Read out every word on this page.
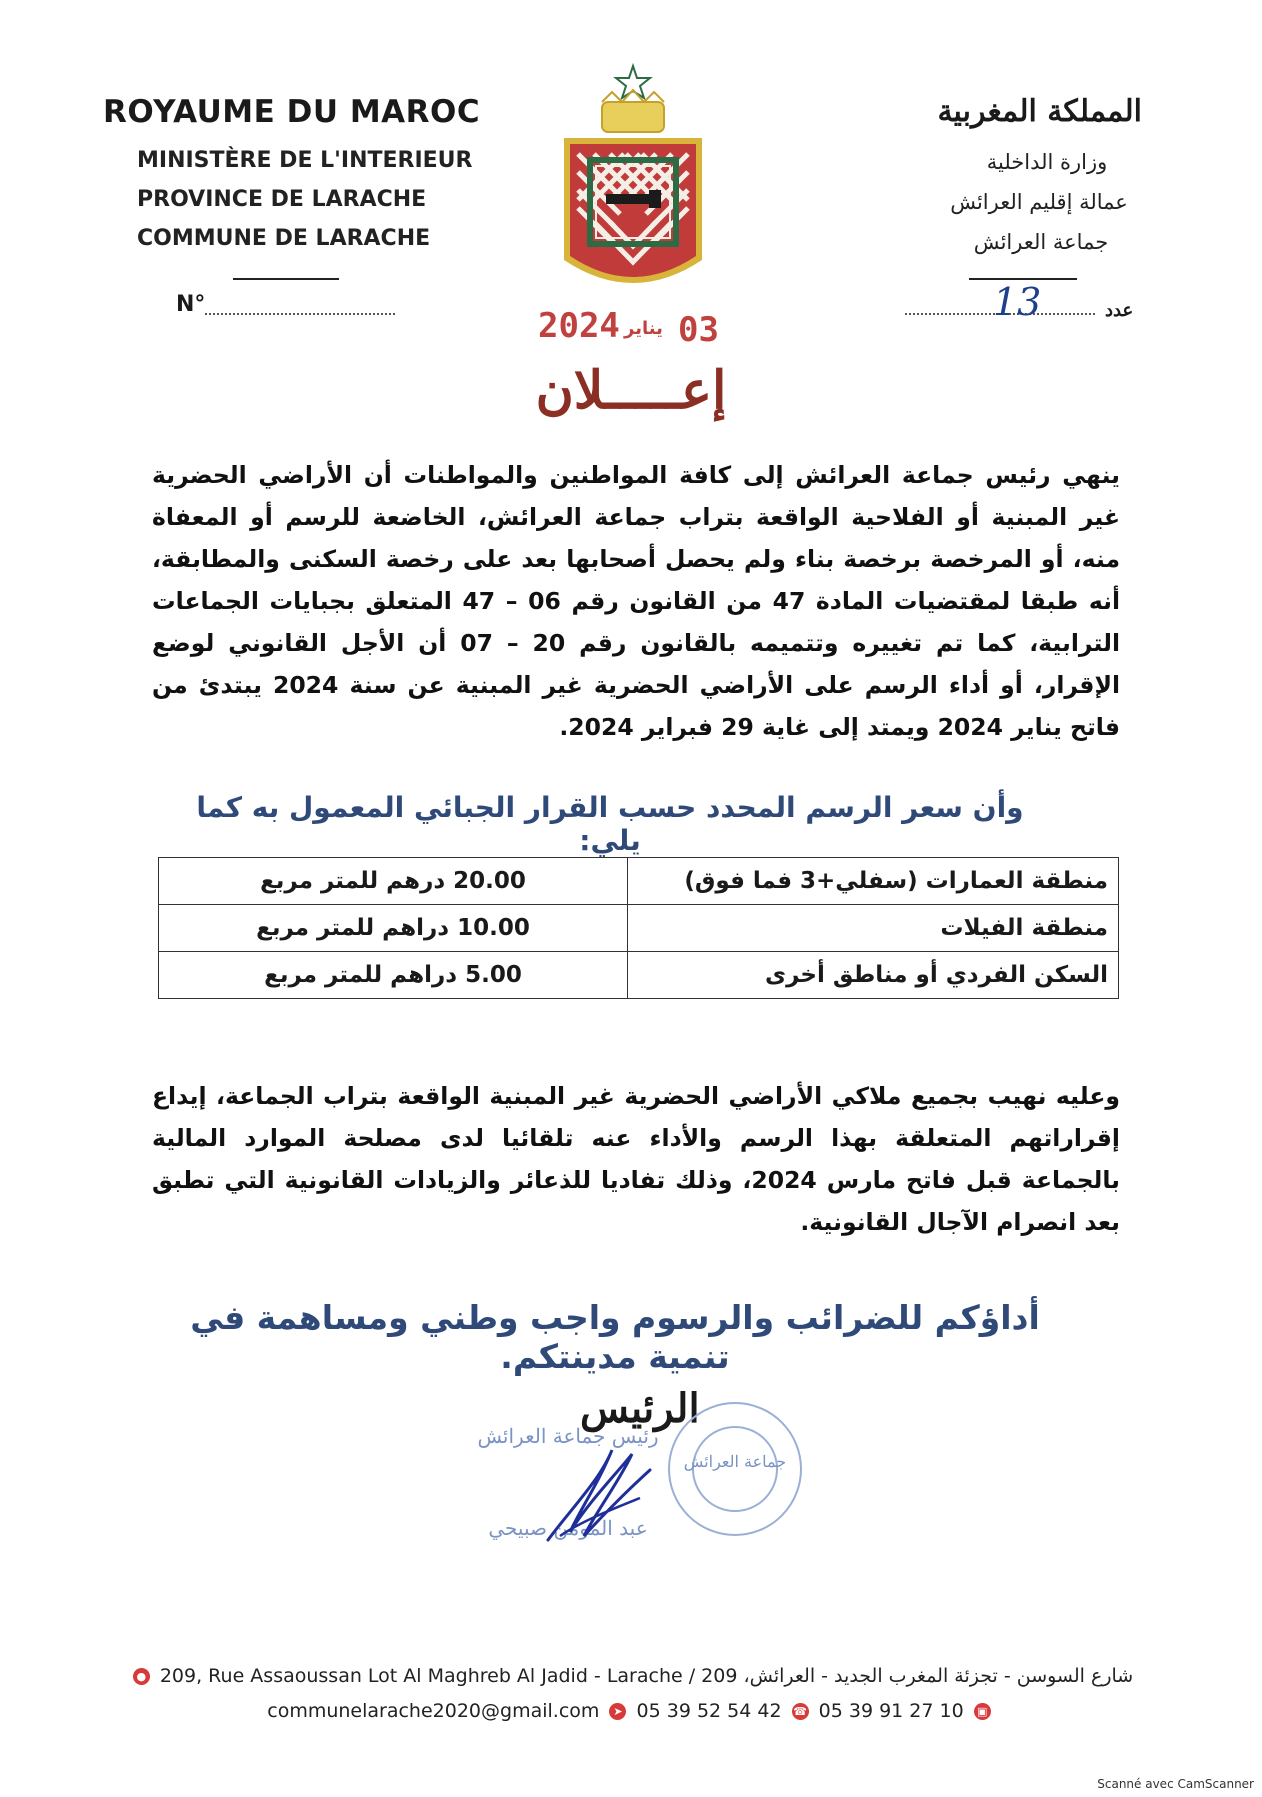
ROYAUME DU MAROC
MINISTÈRE DE L'INTERIEUR
PROVINCE DE LARACHE
COMMUNE DE LARACHE
N°
المملكة المغربية
وزارة الداخلية
عمالة إقليم العرائش
جماعة العرائش
13	عدد
2024 يناير 03
إعـــــلان
ينهي رئيس جماعة العرائش إلى كافة المواطنين والمواطنات أن الأراضي الحضرية غير المبنية أو الفلاحية الواقعة بتراب جماعة العرائش، الخاضعة للرسم أو المعفاة منه، أو المرخصة برخصة بناء ولم يحصل أصحابها بعد على رخصة السكنى والمطابقة، أنه طبقا لمقتضيات المادة 47 من القانون رقم 06 – 47 المتعلق بجبايات الجماعات الترابية، كما تم تغييره وتتميمه بالقانون رقم 20 – 07 أن الأجل القانوني لوضع الإقرار، أو أداء الرسم على الأراضي الحضرية غير المبنية عن سنة 2024 يبتدئ من فاتح يناير 2024 ويمتد إلى غاية 29 فبراير 2024.
وأن سعر الرسم المحدد حسب القرار الجبائي المعمول به كما يلي:
منطقة العمارات (سفلي+3 فما فوق)	20.00 درهم للمتر مربع
منطقة الفيلات	10.00 دراهم للمتر مربع
السكن الفردي أو مناطق أخرى	5.00 دراهم للمتر مربع
وعليه نهيب بجميع ملاكي الأراضي الحضرية غير المبنية الواقعة بتراب الجماعة، إيداع إقراراتهم المتعلقة بهذا الرسم والأداء عنه تلقائيا لدى مصلحة الموارد المالية بالجماعة قبل فاتح مارس 2024، وذلك تفاديا للذعائر والزيادات القانونية التي تطبق بعد انصرام الآجال القانونية.
أداؤكم للضرائب والرسوم واجب وطني ومساهمة في تنمية مدينتكم.
رئيس جماعة العرائش
عبد المومن صبيحي
الرئيس
جماعة العرائش
● 209, Rue Assaoussan Lot Al Maghreb Al Jadid - Larache / 209 ،شارع السوسن - تجزئة المغرب الجديد - العرائش
communelarache2020@gmail.com ➤ 05 39 52 54 42 ☎ 05 39 91 27 10 ▣
Scanné avec CamScanner
